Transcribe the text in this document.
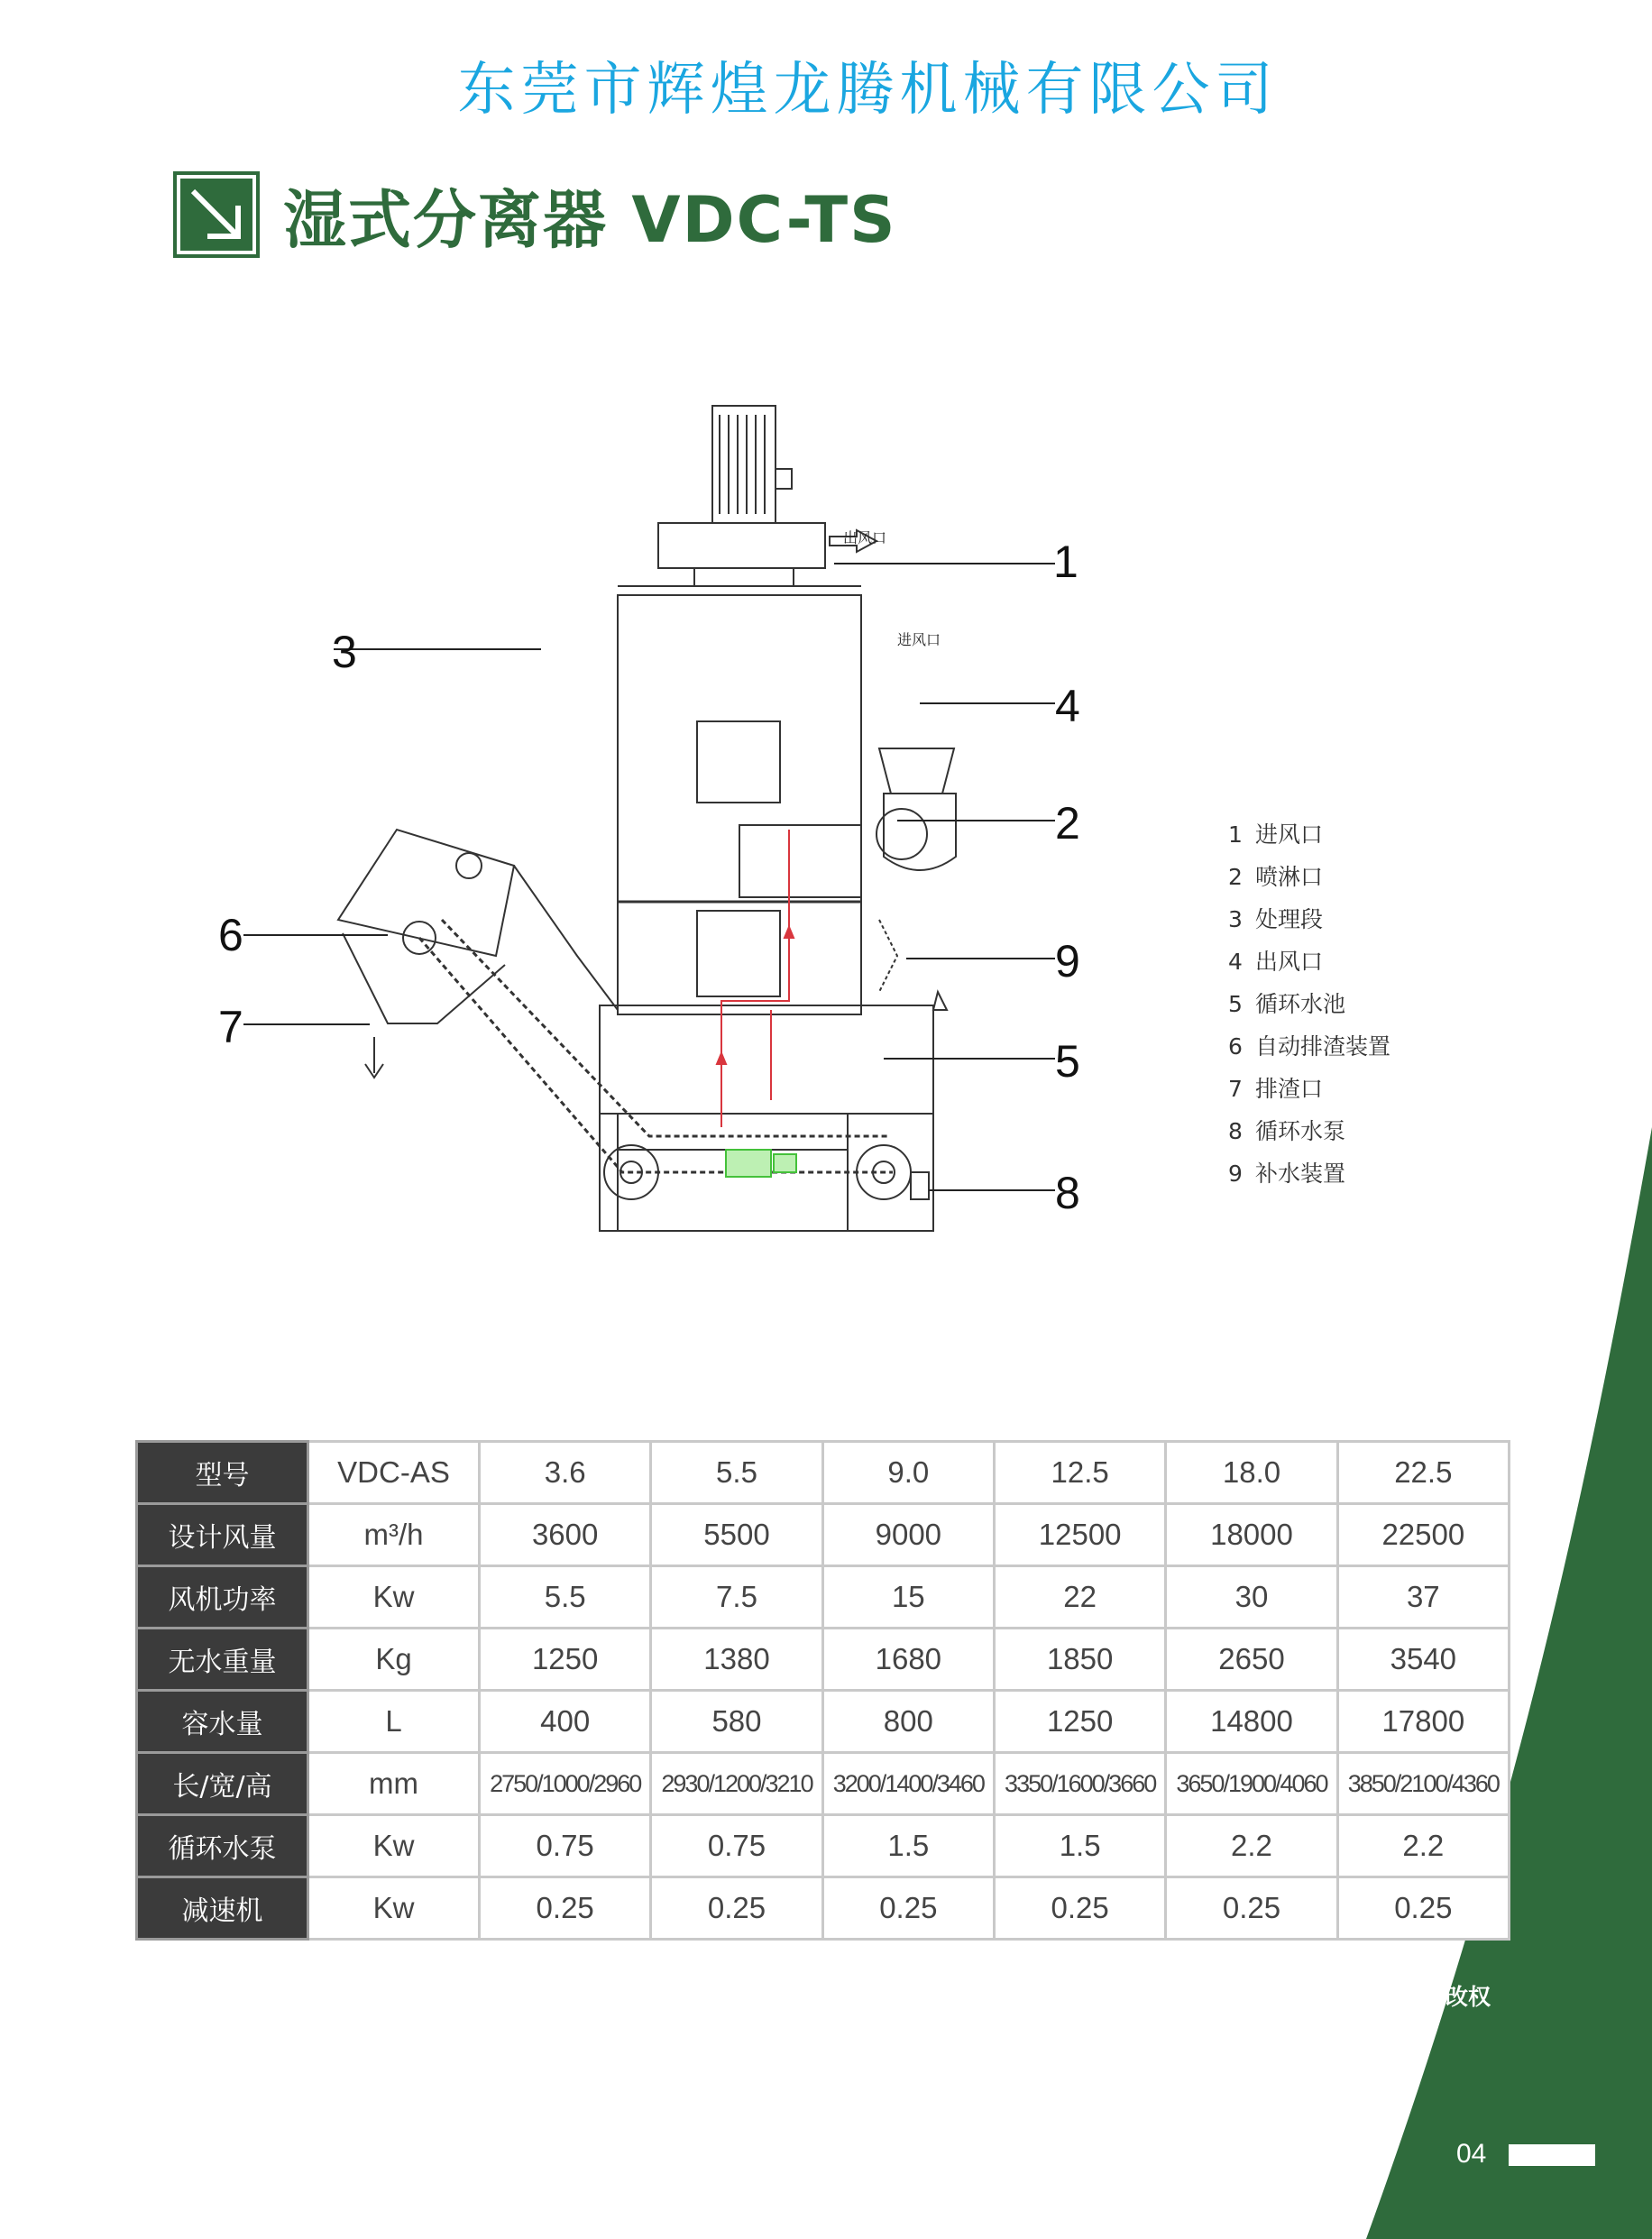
东莞市辉煌龙腾机械有限公司
湿式分离器 VDC-TS
出风口
进风口
4
3
1
2
9
5
8
6
7
1 进风口
2 喷淋口
3 处理段
4 出风口
5 循环水池
6 自动排渣装置
7 排渣口
8 循环水泵
9 补水装置
型号	VDC-AS	3.6	5.5	9.0	12.5	18.0	22.5
设计风量	m³/h	3600	5500	9000	12500	18000	22500
风机功率	Kw	5.5	7.5	15	22	30	37
无水重量	Kg	1250	1380	1680	1850	2650	3540
容水量	L	400	580	800	1250	14800	17800
长/宽/高	mm	2750/1000/2960	2930/1200/3210	3200/1400/3460	3350/1600/3660	3650/1900/4060	3850/2100/4360
循环水泵	Kw	0.75	0.75	1.5	1.5	2.2	2.2
减速机	Kw	0.25	0.25	0.25	0.25	0.25	0.25
保留更改权
04
